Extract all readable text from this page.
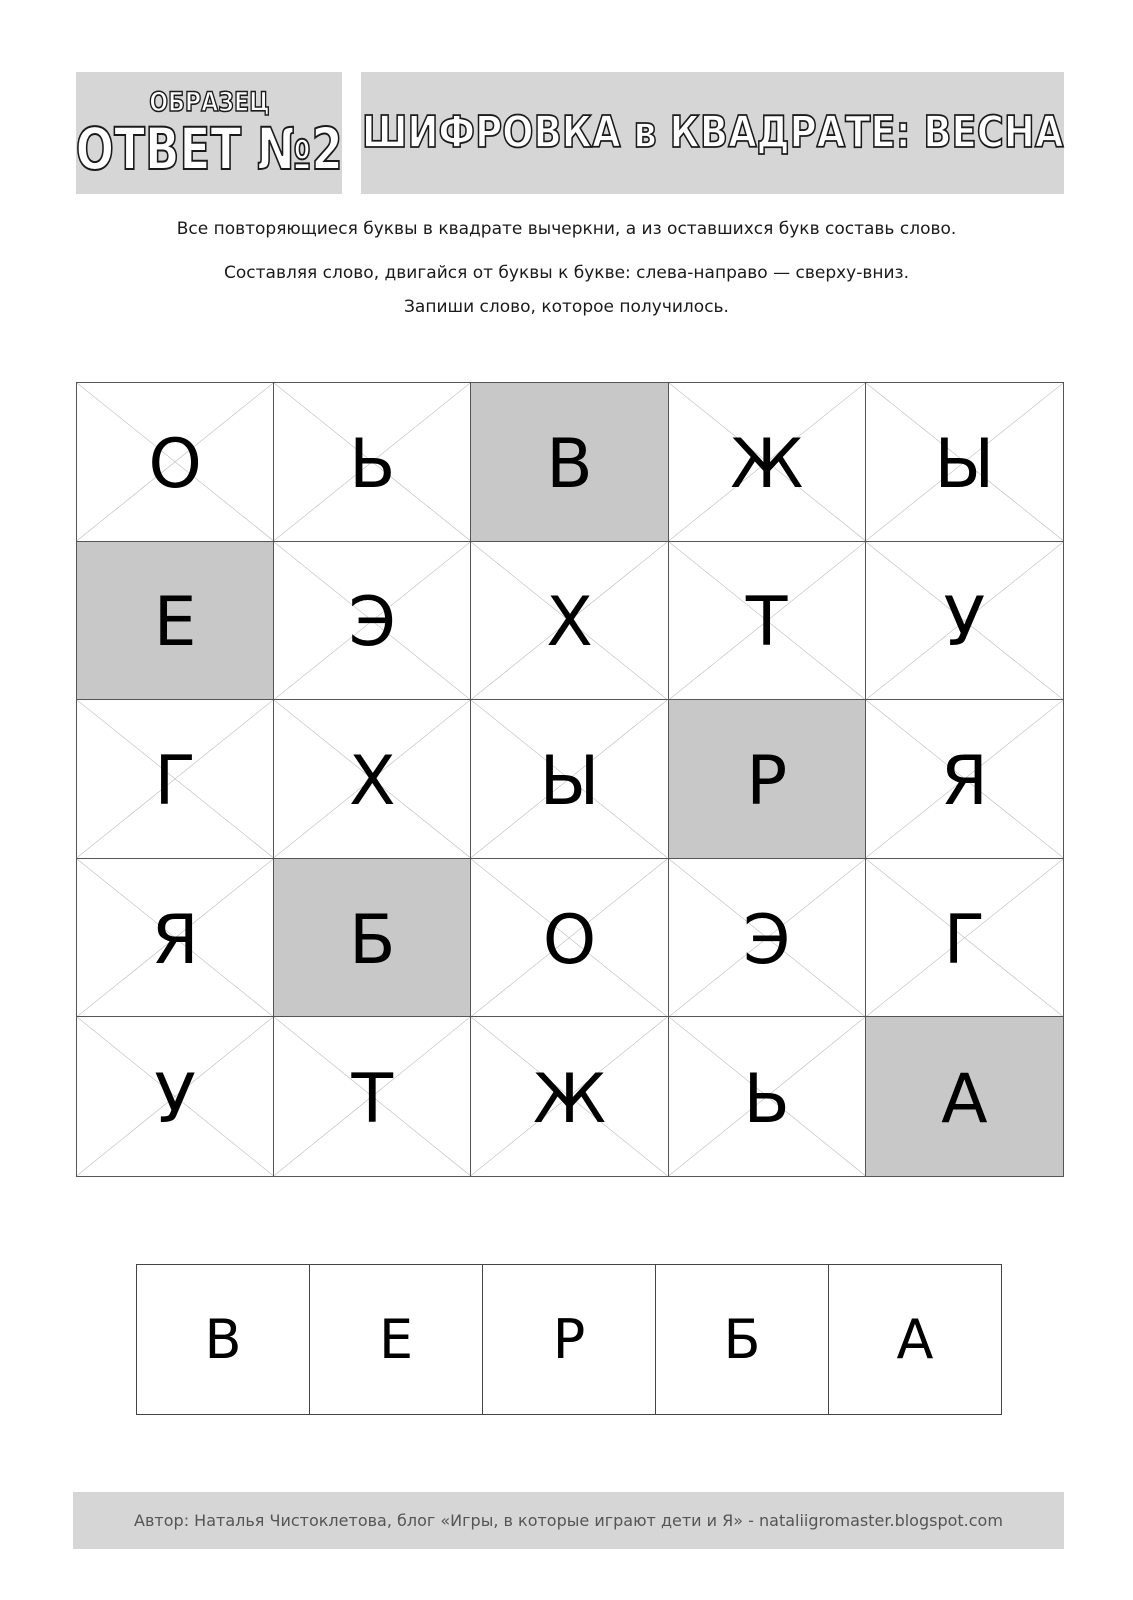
ОБРАЗЕЦ
ОТВЕТ №2 ШИФРОВКА в КВАДРАТЕ: ВЕСНА
Все повторяющиеся буквы в квадрате вычеркни, а из оставшихся букв составь слово.
Составляя слово, двигайся от буквы к букве: слева-направо — сверху-вниз.
Запиши слово, которое получилось.
О	Ь	В	Ж	Ы
Е	Э	Х	Т	У
Г	Х	Ы	Р	Я
Я	Б	О	Э	Г
У	Т	Ж	Ь	А
В	Е	Р	Б	А
Автор: Наталья Чистоклетова, блог «Игры, в которые играют дети и Я» - nataliigromaster.blogspot.com
